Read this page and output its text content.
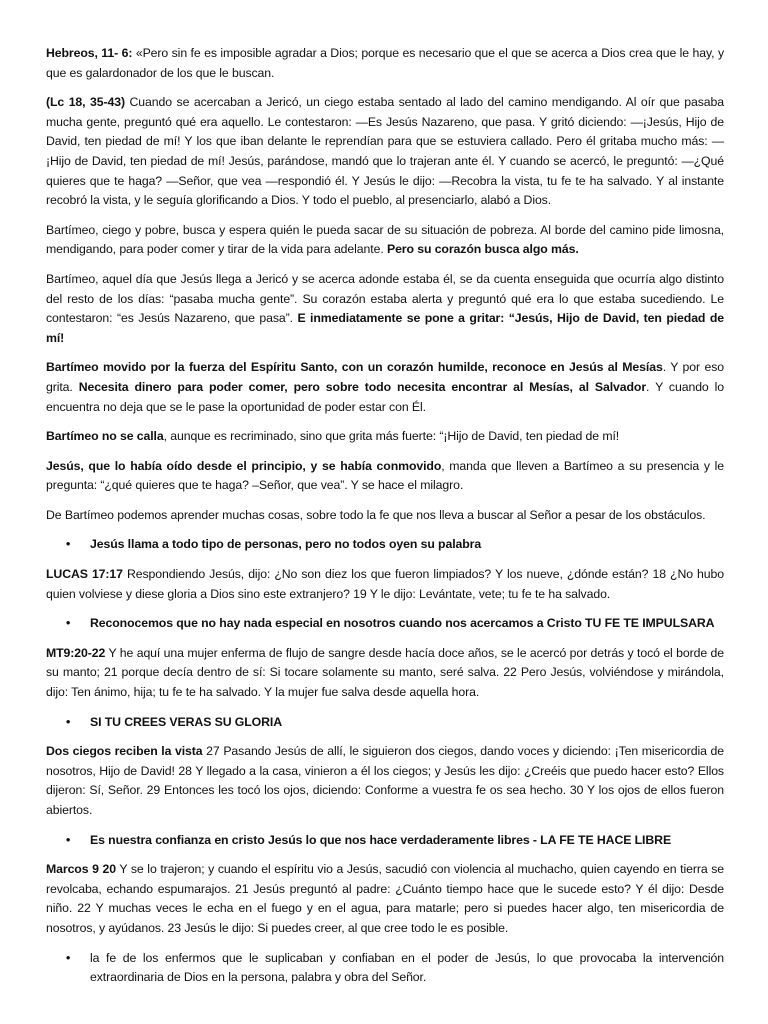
Hebreos, 11- 6: «Pero sin fe es imposible agradar a Dios; porque es necesario que el que se acerca a Dios crea que le hay, y que es galardonador de los que le buscan.

(Lc 18, 35-43) Cuando se acercaban a Jericó, un ciego estaba sentado al lado del camino mendigando. Al oír que pasaba mucha gente, preguntó qué era aquello. Le contestaron: —Es Jesús Nazareno, que pasa. Y gritó diciendo: —¡Jesús, Hijo de David, ten piedad de mí! Y los que iban delante le reprendían para que se estuviera callado. Pero él gritaba mucho más: —¡Hijo de David, ten piedad de mí! Jesús, parándose, mandó que lo trajeran ante él. Y cuando se acercó, le preguntó: —¿Qué quieres que te haga? —Señor, que vea —respondió él. Y Jesús le dijo: —Recobra la vista, tu fe te ha salvado. Y al instante recobró la vista, y le seguía glorificando a Dios. Y todo el pueblo, al presenciarlo, alabó a Dios.

Bartímeo, ciego y pobre, busca y espera quién le pueda sacar de su situación de pobreza. Al borde del camino pide limosna, mendigando, para poder comer y tirar de la vida para adelante. Pero su corazón busca algo más.

Bartímeo, aquel día que Jesús llega a Jericó y se acerca adonde estaba él, se da cuenta enseguida que ocurría algo distinto del resto de los días: “pasaba mucha gente”. Su corazón estaba alerta y preguntó qué era lo que estaba sucediendo. Le contestaron: “es Jesús Nazareno, que pasa”. E inmediatamente se pone a gritar: “Jesús, Hijo de David, ten piedad de mí!

Bartímeo movido por la fuerza del Espíritu Santo, con un corazón humilde, reconoce en Jesús al Mesías. Y por eso grita. Necesita dinero para poder comer, pero sobre todo necesita encontrar al Mesías, al Salvador. Y cuando lo encuentra no deja que se le pase la oportunidad de poder estar con Él.

Bartímeo no se calla, aunque es recriminado, sino que grita más fuerte: “¡Hijo de David, ten piedad de mí!

Jesús, que lo había oído desde el principio, y se había conmovido, manda que lleven a Bartímeo a su presencia y le pregunta: “¿qué quieres que te haga? –Señor, que vea”. Y se hace el milagro.

De Bartímeo podemos aprender muchas cosas, sobre todo la fe que nos lleva a buscar al Señor a pesar de los obstáculos.

• Jesús llama a todo tipo de personas, pero no todos oyen su palabra

LUCAS 17:17 Respondiendo Jesús, dijo: ¿No son diez los que fueron limpiados? Y los nueve, ¿dónde están? 18 ¿No hubo quien volviese y diese gloria a Dios sino este extranjero? 19 Y le dijo: Levántate, vete; tu fe te ha salvado.

• Reconocemos que no hay nada especial en nosotros cuando nos acercamos a Cristo TU FE TE IMPULSARA

MT9:20-22 Y he aquí una mujer enferma de flujo de sangre desde hacía doce años, se le acercó por detrás y tocó el borde de su manto; 21 porque decía dentro de sí: Si tocare solamente su manto, seré salva. 22 Pero Jesús, volviéndose y mirándola, dijo: Ten ánimo, hija; tu fe te ha salvado. Y la mujer fue salva desde aquella hora.

• SI TU CREES VERAS SU GLORIA

Dos ciegos reciben la vista 27 Pasando Jesús de allí, le siguieron dos ciegos, dando voces y diciendo: ¡Ten misericordia de nosotros, Hijo de David! 28 Y llegado a la casa, vinieron a él los ciegos; y Jesús les dijo: ¿Creéis que puedo hacer esto? Ellos dijeron: Sí, Señor. 29 Entonces les tocó los ojos, diciendo: Conforme a vuestra fe os sea hecho. 30 Y los ojos de ellos fueron abiertos.

• Es nuestra confianza en cristo Jesús lo que nos hace verdaderamente libres - LA FE TE HACE LIBRE

Marcos 9 20 Y se lo trajeron; y cuando el espíritu vio a Jesús, sacudió con violencia al muchacho, quien cayendo en tierra se revolcaba, echando espumarajos. 21 Jesús preguntó al padre: ¿Cuánto tiempo hace que le sucede esto? Y él dijo: Desde niño. 22 Y muchas veces le echa en el fuego y en el agua, para matarle; pero si puedes hacer algo, ten misericordia de nosotros, y ayúdanos. 23 Jesús le dijo: Si puedes creer, al que cree todo le es posible.

• la fe de los enfermos que le suplicaban y confiaban en el poder de Jesús, lo que provocaba la intervención extraordinaria de Dios en la persona, palabra y obra del Señor.
